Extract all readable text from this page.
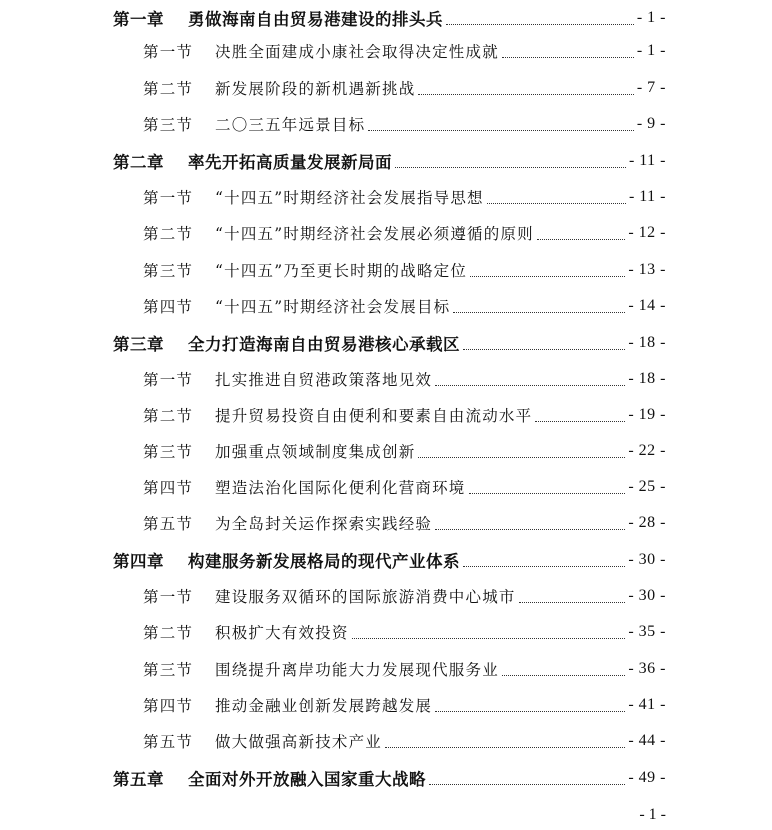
第一章	勇做海南自由贸易港建设的排头兵	- 1 -
第一节	决胜全面建成小康社会取得决定性成就	- 1 -
第二节	新发展阶段的新机遇新挑战	- 7 -
第三节	二〇三五年远景目标	- 9 -
第二章	率先开拓高质量发展新局面	- 11 -
第一节	“十四五”时期经济社会发展指导思想	- 11 -
第二节	“十四五”时期经济社会发展必须遵循的原则	- 12 -
第三节	“十四五”乃至更长时期的战略定位	- 13 -
第四节	“十四五”时期经济社会发展目标	- 14 -
第三章	全力打造海南自由贸易港核心承载区	- 18 -
第一节	扎实推进自贸港政策落地见效	- 18 -
第二节	提升贸易投资自由便利和要素自由流动水平	- 19 -
第三节	加强重点领域制度集成创新	- 22 -
第四节	塑造法治化国际化便利化营商环境	- 25 -
第五节	为全岛封关运作探索实践经验	- 28 -
第四章	构建服务新发展格局的现代产业体系	- 30 -
第一节	建设服务双循环的国际旅游消费中心城市	- 30 -
第二节	积极扩大有效投资	- 35 -
第三节	围绕提升离岸功能大力发展现代服务业	- 36 -
第四节	推动金融业创新发展跨越发展	- 41 -
第五节	做大做强高新技术产业	- 44 -
第五章	全面对外开放融入国家重大战略	- 49 -
- 1 -
